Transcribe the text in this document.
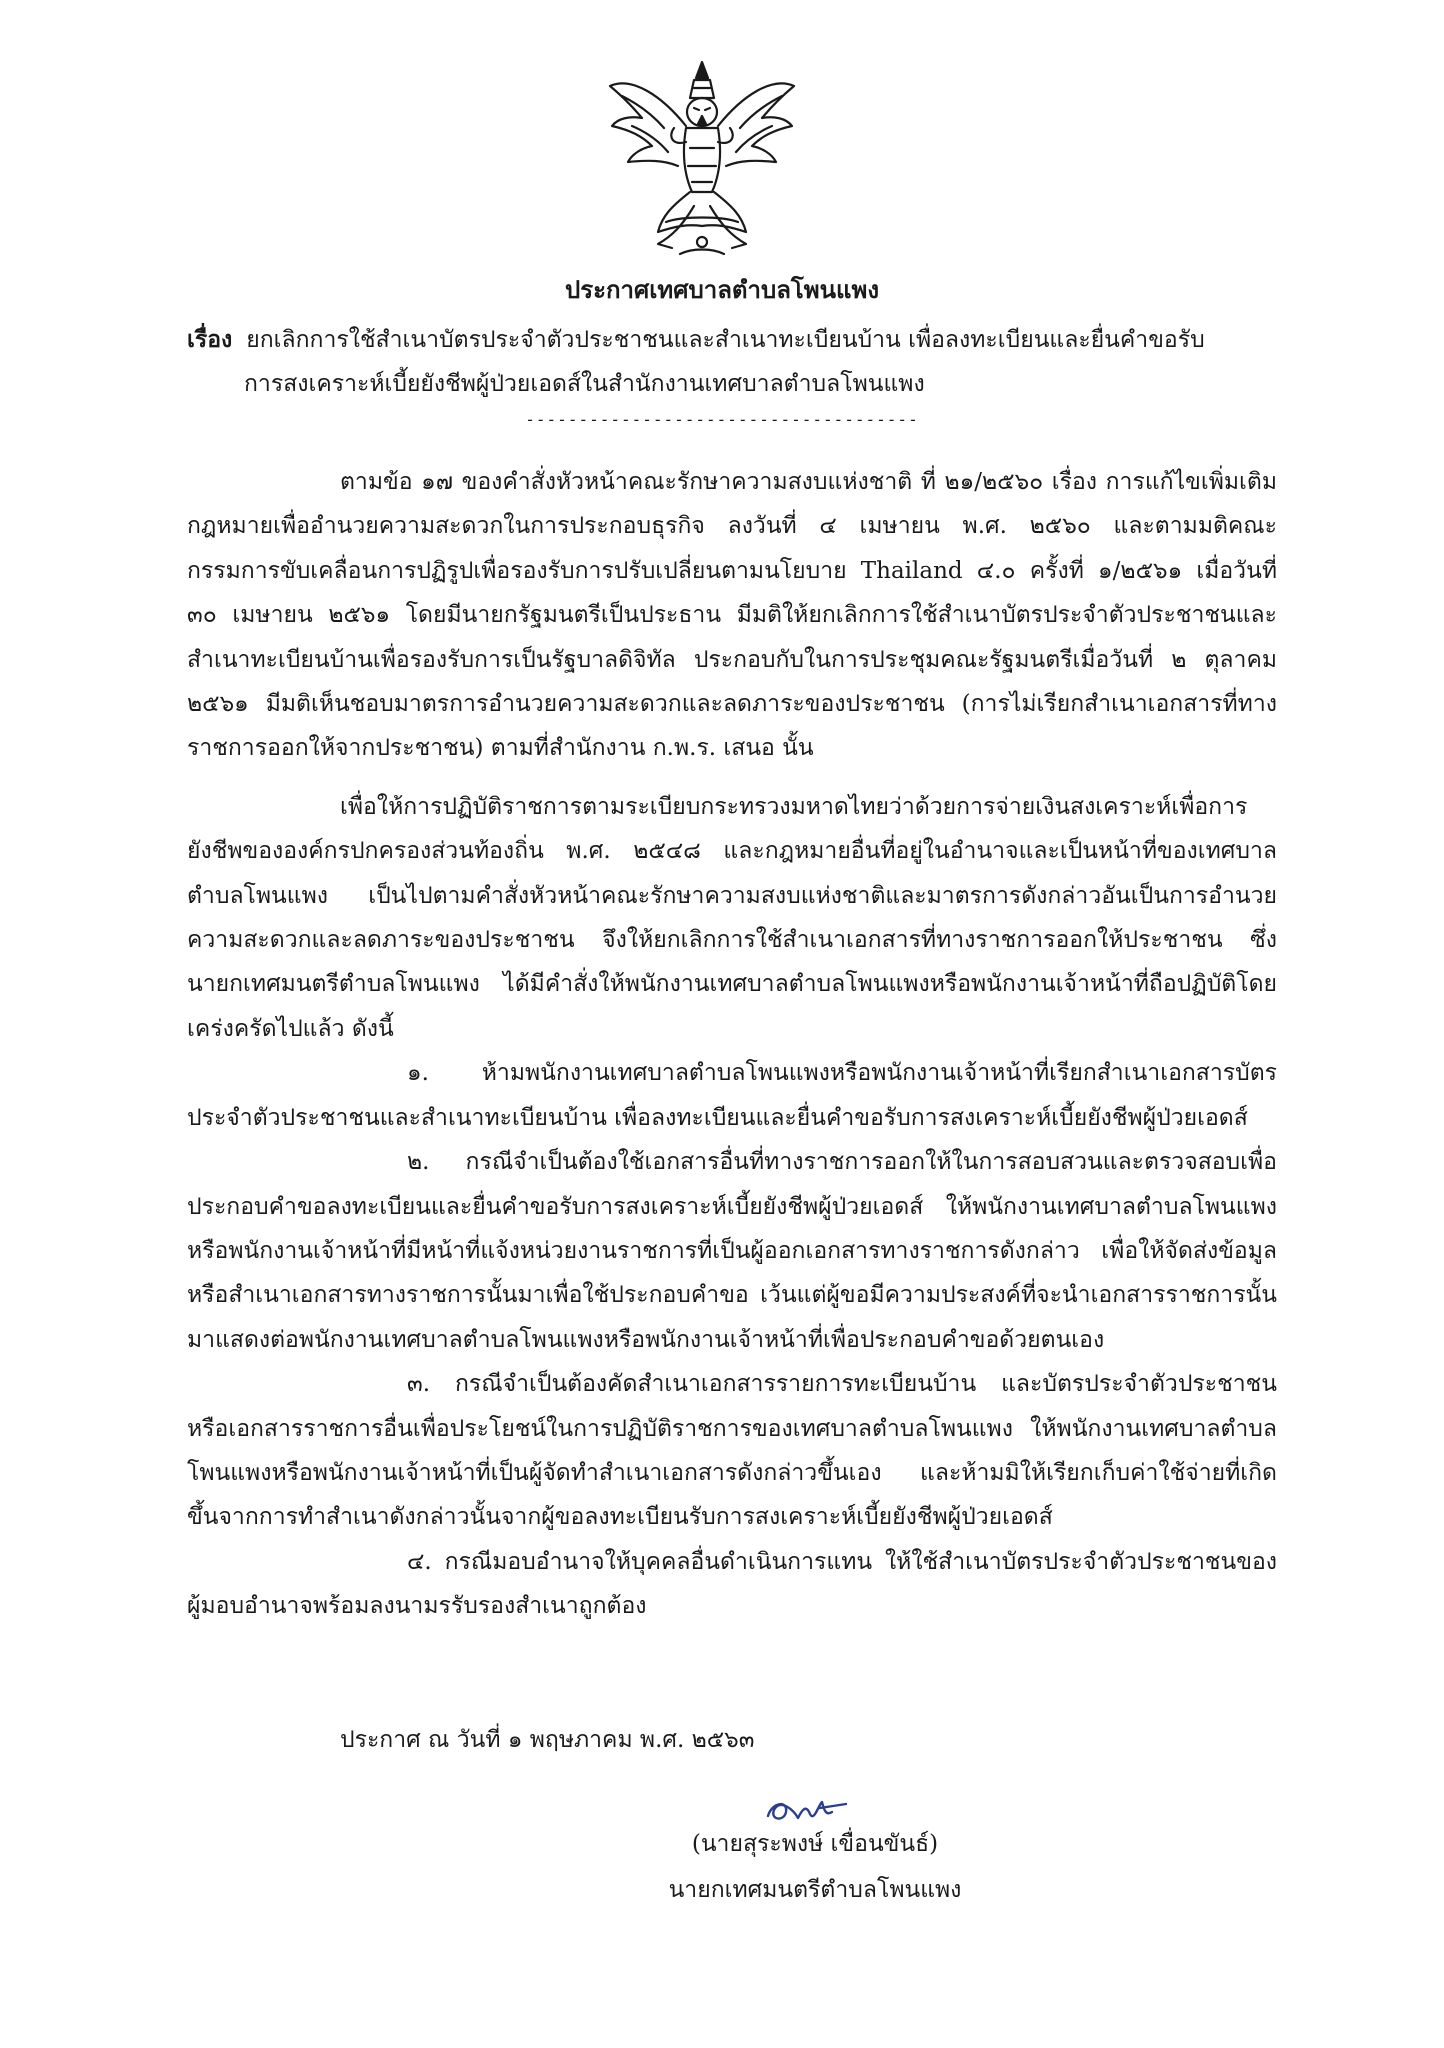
ประกาศเทศบาลตำบลโพนแพง
เรื่อง ยกเลิกการใช้สำเนาบัตรประจำตัวประชาชนและสำเนาทะเบียนบ้าน เพื่อลงทะเบียนและยื่นคำขอรับ
การสงเคราะห์เบี้ยยังชีพผู้ป่วยเอดส์ในสำนักงานเทศบาลตำบลโพนแพง
-------------------------------------

ตามข้อ ๑๗ ของคำสั่งหัวหน้าคณะรักษาความสงบแห่งชาติ ที่ ๒๑/๒๕๖๐ เรื่อง การแก้ไขเพิ่มเติมกฎหมายเพื่ออำนวยความสะดวกในการประกอบธุรกิจ ลงวันที่ ๔ เมษายน พ.ศ. ๒๕๖๐ และตามมติคณะกรรมการขับเคลื่อนการปฏิรูปเพื่อรองรับการปรับเปลี่ยนตามนโยบาย Thailand ๔.๐ ครั้งที่ ๑/๒๕๖๑ เมื่อวันที่ ๓๐ เมษายน ๒๕๖๑ โดยมีนายกรัฐมนตรีเป็นประธาน มีมติให้ยกเลิกการใช้สำเนาบัตรประจำตัวประชาชนและสำเนาทะเบียนบ้านเพื่อรองรับการเป็นรัฐบาลดิจิทัล ประกอบกับในการประชุมคณะรัฐมนตรีเมื่อวันที่ ๒ ตุลาคม ๒๕๖๑ มีมติเห็นชอบมาตรการอำนวยความสะดวกและลดภาระของประชาชน (การไม่เรียกสำเนาเอกสารที่ทางราชการออกให้จากประชาชน) ตามที่สำนักงาน ก.พ.ร. เสนอ นั้น

เพื่อให้การปฏิบัติราชการตามระเบียบกระทรวงมหาดไทยว่าด้วยการจ่ายเงินสงเคราะห์เพื่อการยังชีพขององค์กรปกครองส่วนท้องถิ่น พ.ศ. ๒๕๔๘ และกฎหมายอื่นที่อยู่ในอำนาจและเป็นหน้าที่ของเทศบาลตำบลโพนแพง เป็นไปตามคำสั่งหัวหน้าคณะรักษาความสงบแห่งชาติและมาตรการดังกล่าวอันเป็นการอำนวยความสะดวกและลดภาระของประชาชน จึงให้ยกเลิกการใช้สำเนาเอกสารที่ทางราชการออกให้ประชาชน ซึ่งนายกเทศมนตรีตำบลโพนแพง ได้มีคำสั่งให้พนักงานเทศบาลตำบลโพนแพงหรือพนักงานเจ้าหน้าที่ถือปฏิบัติโดยเคร่งครัดไปแล้ว ดังนี้

๑. ห้ามพนักงานเทศบาลตำบลโพนแพงหรือพนักงานเจ้าหน้าที่เรียกสำเนาเอกสารบัตรประจำตัวประชาชนและสำเนาทะเบียนบ้าน เพื่อลงทะเบียนและยื่นคำขอรับการสงเคราะห์เบี้ยยังชีพผู้ป่วยเอดส์

๒. กรณีจำเป็นต้องใช้เอกสารอื่นที่ทางราชการออกให้ในการสอบสวนและตรวจสอบเพื่อประกอบคำขอลงทะเบียนและยื่นคำขอรับการสงเคราะห์เบี้ยยังชีพผู้ป่วยเอดส์ ให้พนักงานเทศบาลตำบลโพนแพงหรือพนักงานเจ้าหน้าที่มีหน้าที่แจ้งหน่วยงานราชการที่เป็นผู้ออกเอกสารทางราชการดังกล่าว เพื่อให้จัดส่งข้อมูลหรือสำเนาเอกสารทางราชการนั้นมาเพื่อใช้ประกอบคำขอ เว้นแต่ผู้ขอมีความประสงค์ที่จะนำเอกสารราชการนั้นมาแสดงต่อพนักงานเทศบาลตำบลโพนแพงหรือพนักงานเจ้าหน้าที่เพื่อประกอบคำขอด้วยตนเอง

๓. กรณีจำเป็นต้องคัดสำเนาเอกสารรายการทะเบียนบ้าน และบัตรประจำตัวประชาชนหรือเอกสารราชการอื่นเพื่อประโยชน์ในการปฏิบัติราชการของเทศบาลตำบลโพนแพง ให้พนักงานเทศบาลตำบลโพนแพงหรือพนักงานเจ้าหน้าที่เป็นผู้จัดทำสำเนาเอกสารดังกล่าวขึ้นเอง และห้ามมิให้เรียกเก็บค่าใช้จ่ายที่เกิดขึ้นจากการทำสำเนาดังกล่าวนั้นจากผู้ขอลงทะเบียนรับการสงเคราะห์เบี้ยยังชีพผู้ป่วยเอดส์

๔. กรณีมอบอำนาจให้บุคคลอื่นดำเนินการแทน ให้ใช้สำเนาบัตรประจำตัวประชาชนของผู้มอบอำนาจพร้อมลงนามรรับรองสำเนาถูกต้อง

ประกาศ ณ วันที่ ๑ พฤษภาคม พ.ศ. ๒๕๖๓
(นายสุระพงษ์ เขื่อนขันธ์)
นายกเทศมนตรีตำบลโพนแพง
